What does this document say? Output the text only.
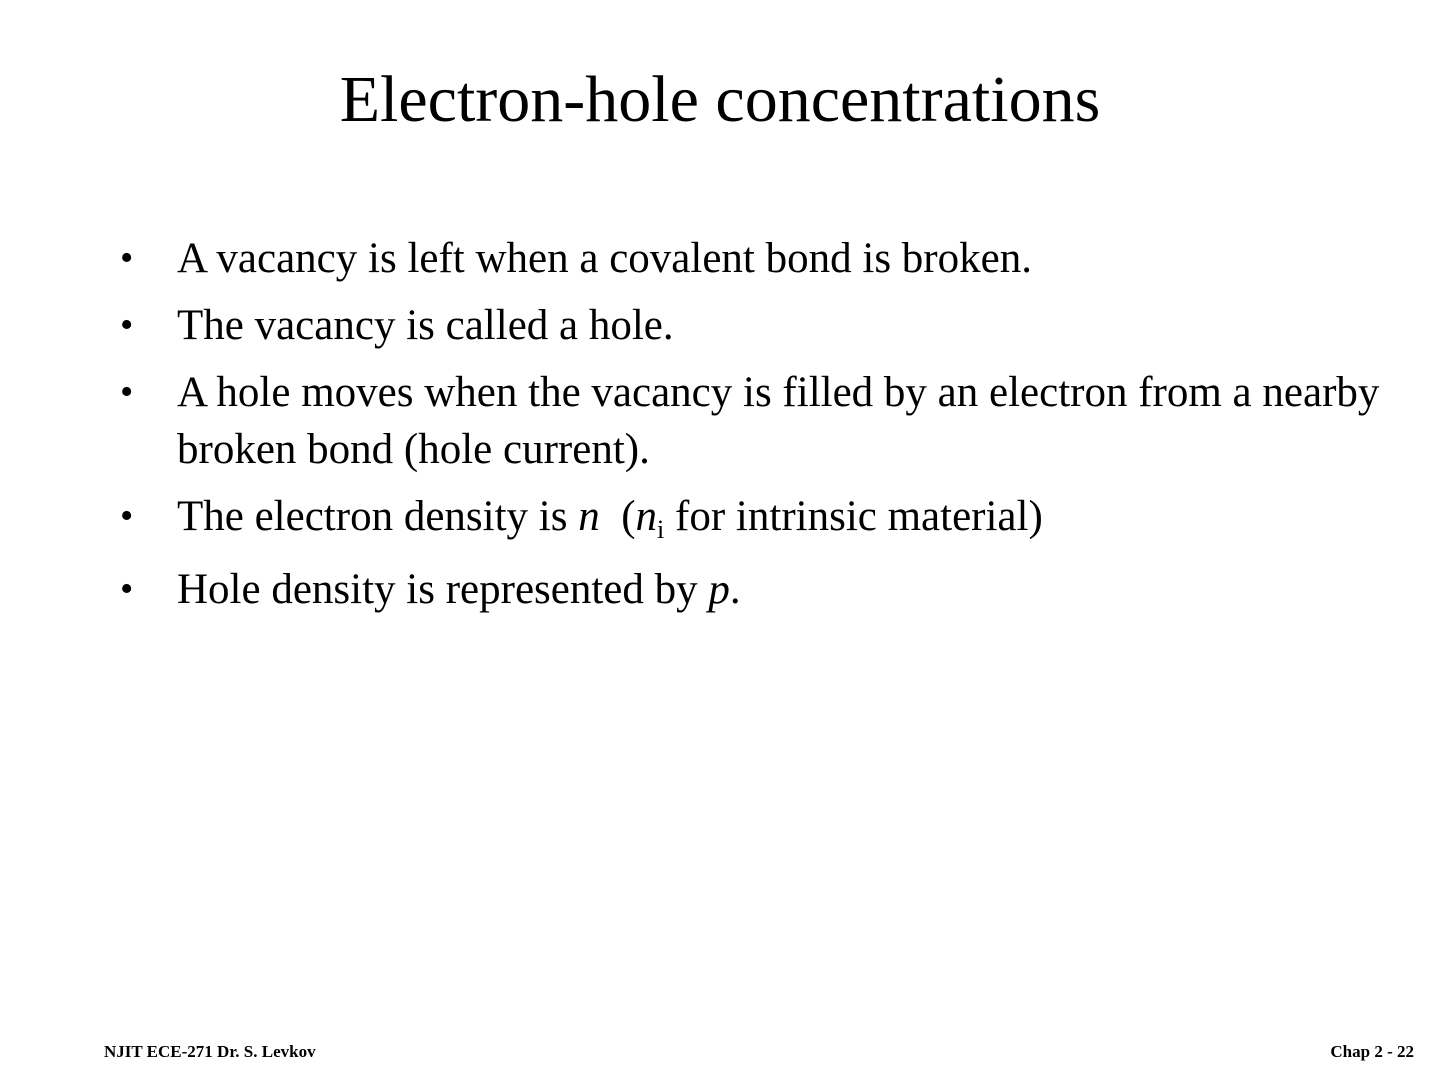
Electron-hole concentrations
• A vacancy is left when a covalent bond is broken.
• The vacancy is called a hole.
• A hole moves when the vacancy is filled by an electron from a nearby broken bond (hole current).
• The electron density is n  ($n_i$ for intrinsic material)
• Hole density is represented by p.
NJIT ECE-271 Dr. S. Levkov	Chap 2 - 22
